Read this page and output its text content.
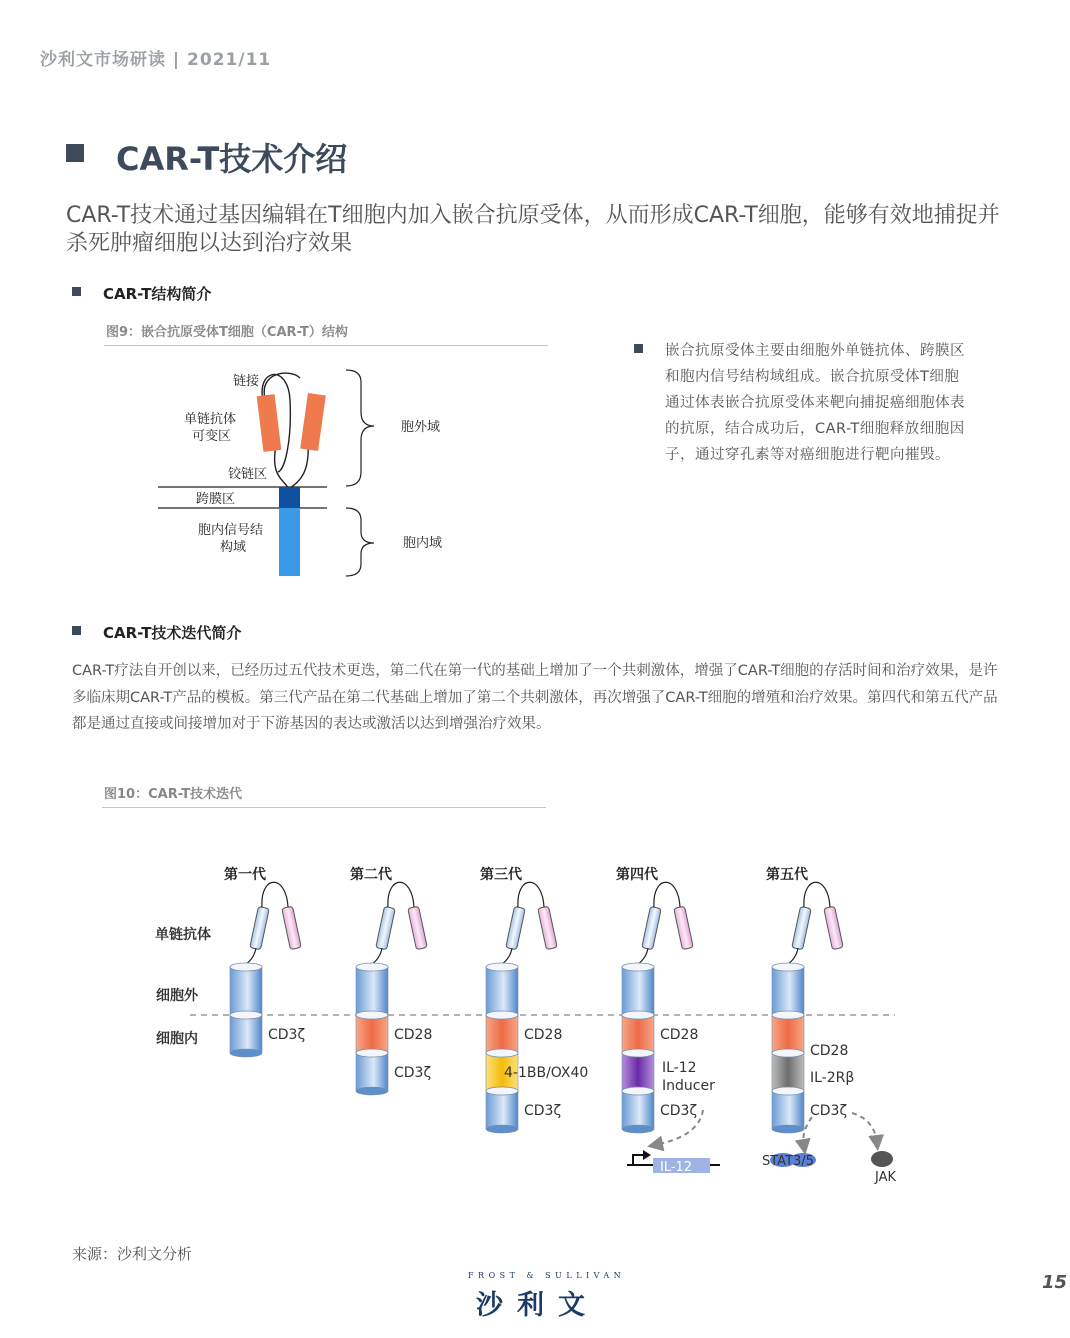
沙利文市场研读 | 2021/11
CAR-T技术介绍
CAR-T技术通过基因编辑在T细胞内加入嵌合抗原受体，从而形成CAR-T细胞，能够有效地捕捉并杀死肿瘤细胞以达到治疗效果
CAR-T结构简介
图9：嵌合抗原受体T细胞（CAR-T）结构
链接
单链抗体
可变区
铰链区
跨膜区
胞内信号结
构域
胞外域
胞内域
嵌合抗原受体主要由细胞外单链抗体、跨膜区和胞内信号结构域组成。嵌合抗原受体T细胞通过体表嵌合抗原受体来靶向捕捉癌细胞体表的抗原，结合成功后，CAR-T细胞释放细胞因子，通过穿孔素等对癌细胞进行靶向摧毁。
CAR-T技术迭代简介
CAR-T疗法自开创以来，已经历过五代技术更迭，第二代在第一代的基础上增加了一个共刺激体，增强了CAR-T细胞的存活时间和治疗效果，是许多临床期CAR-T产品的模板。第三代产品在第二代基础上增加了第二个共刺激体，再次增强了CAR-T细胞的增殖和治疗效果。第四代和第五代产品都是通过直接或间接增加对于下游基因的表达或激活以达到增强治疗效果。
图10：CAR-T技术迭代
单链抗体
细胞外
细胞内
第一代
CD3ζ
第二代
CD28
CD3ζ
第三代
CD28
4-1BB/OX40
CD3ζ
第四代
CD28
IL-12
Inducer
CD3ζ
第五代
CD28
IL-2Rβ
CD3ζ
IL-12	STAT3/5
JAK
来源：沙利文分析
FROST & SULLIVAN
沙利文
15
